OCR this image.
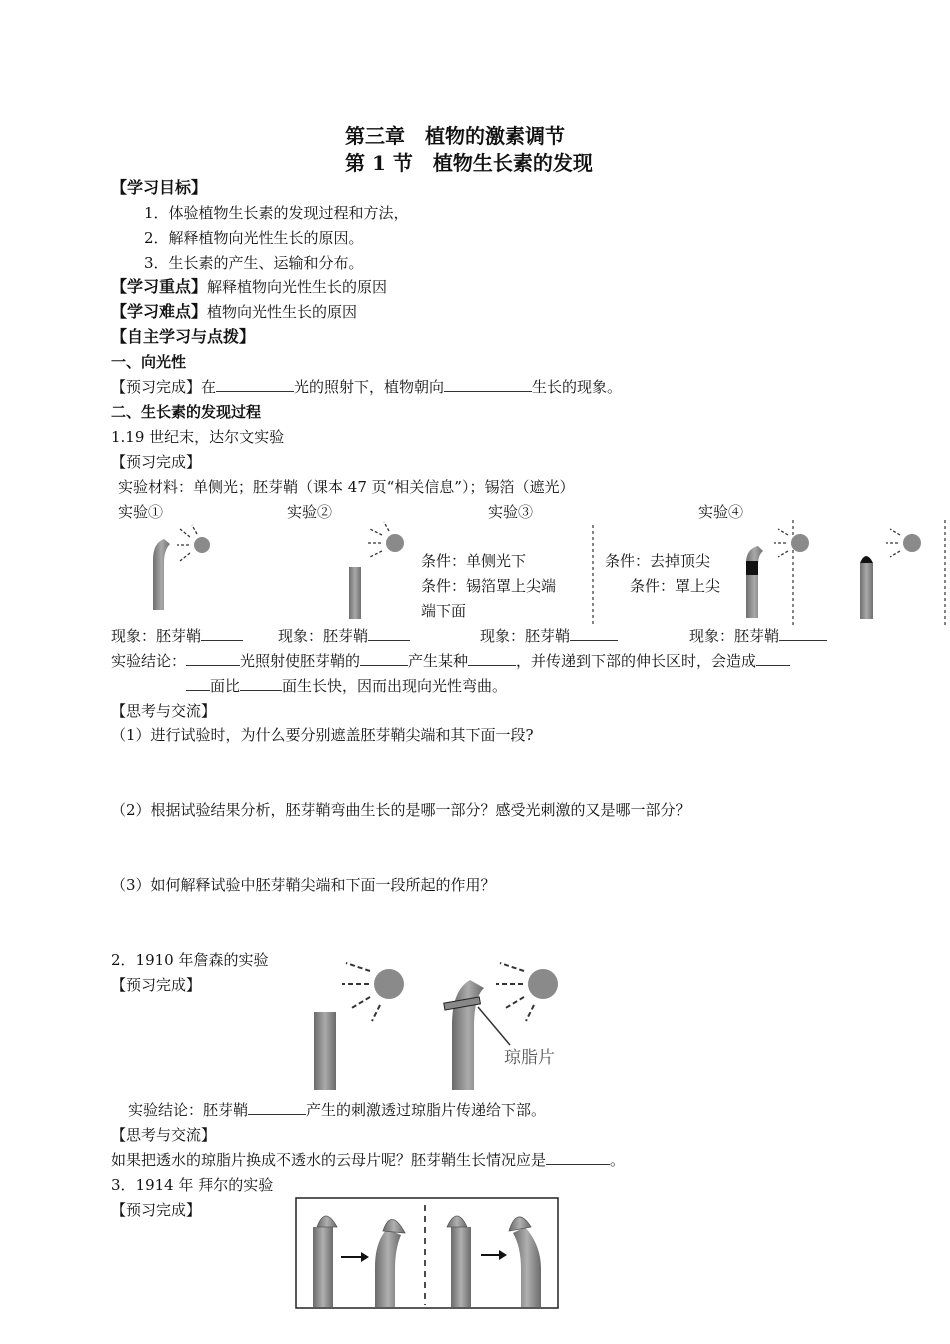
第三章　植物的激素调节
第 1 节　植物生长素的发现
【学习目标】
1．体验植物生长素的发现过程和方法，
2．解释植物向光性生长的原因。
3．生长素的产生、运输和分布。
【学习重点】解释植物向光性生长的原因
【学习难点】植物向光性生长的原因
【自主学习与点拨】
一、向光性
【预习完成】在	光的照射下，植物朝向	生长的现象。
二、生长素的发现过程
1.19 世纪末，达尔文实验
【预习完成】
实验材料：单侧光；胚芽鞘（课本 47 页“相关信息”）；锡箔（遮光）
实验①	实验②	实验③	实验④
条件：单侧光下
条件：锡箔罩上尖端
端下面
条件：去掉顶尖
条件：罩上尖
现象：胚芽鞘	现象：胚芽鞘	现象：胚芽鞘	现象：胚芽鞘
实验结论：	光照射使胚芽鞘的	产生某种	，并传递到下部的伸长区时，会造成
面比	面生长快，因而出现向光性弯曲。
【思考与交流】
（1）进行试验时，为什么要分别遮盖胚芽鞘尖端和其下面一段?
（2）根据试验结果分析，胚芽鞘弯曲生长的是哪一部分？感受光刺激的又是哪一部分？
（3）如何解释试验中胚芽鞘尖端和下面一段所起的作用？
2．1910 年詹森的实验
【预习完成】
琼脂片
实验结论：胚芽鞘	产生的刺激透过琼脂片传递给下部。
【思考与交流】
如果把透水的琼脂片换成不透水的云母片呢？胚芽鞘生长情况应是	。
3．1914 年 拜尔的实验
【预习完成】
